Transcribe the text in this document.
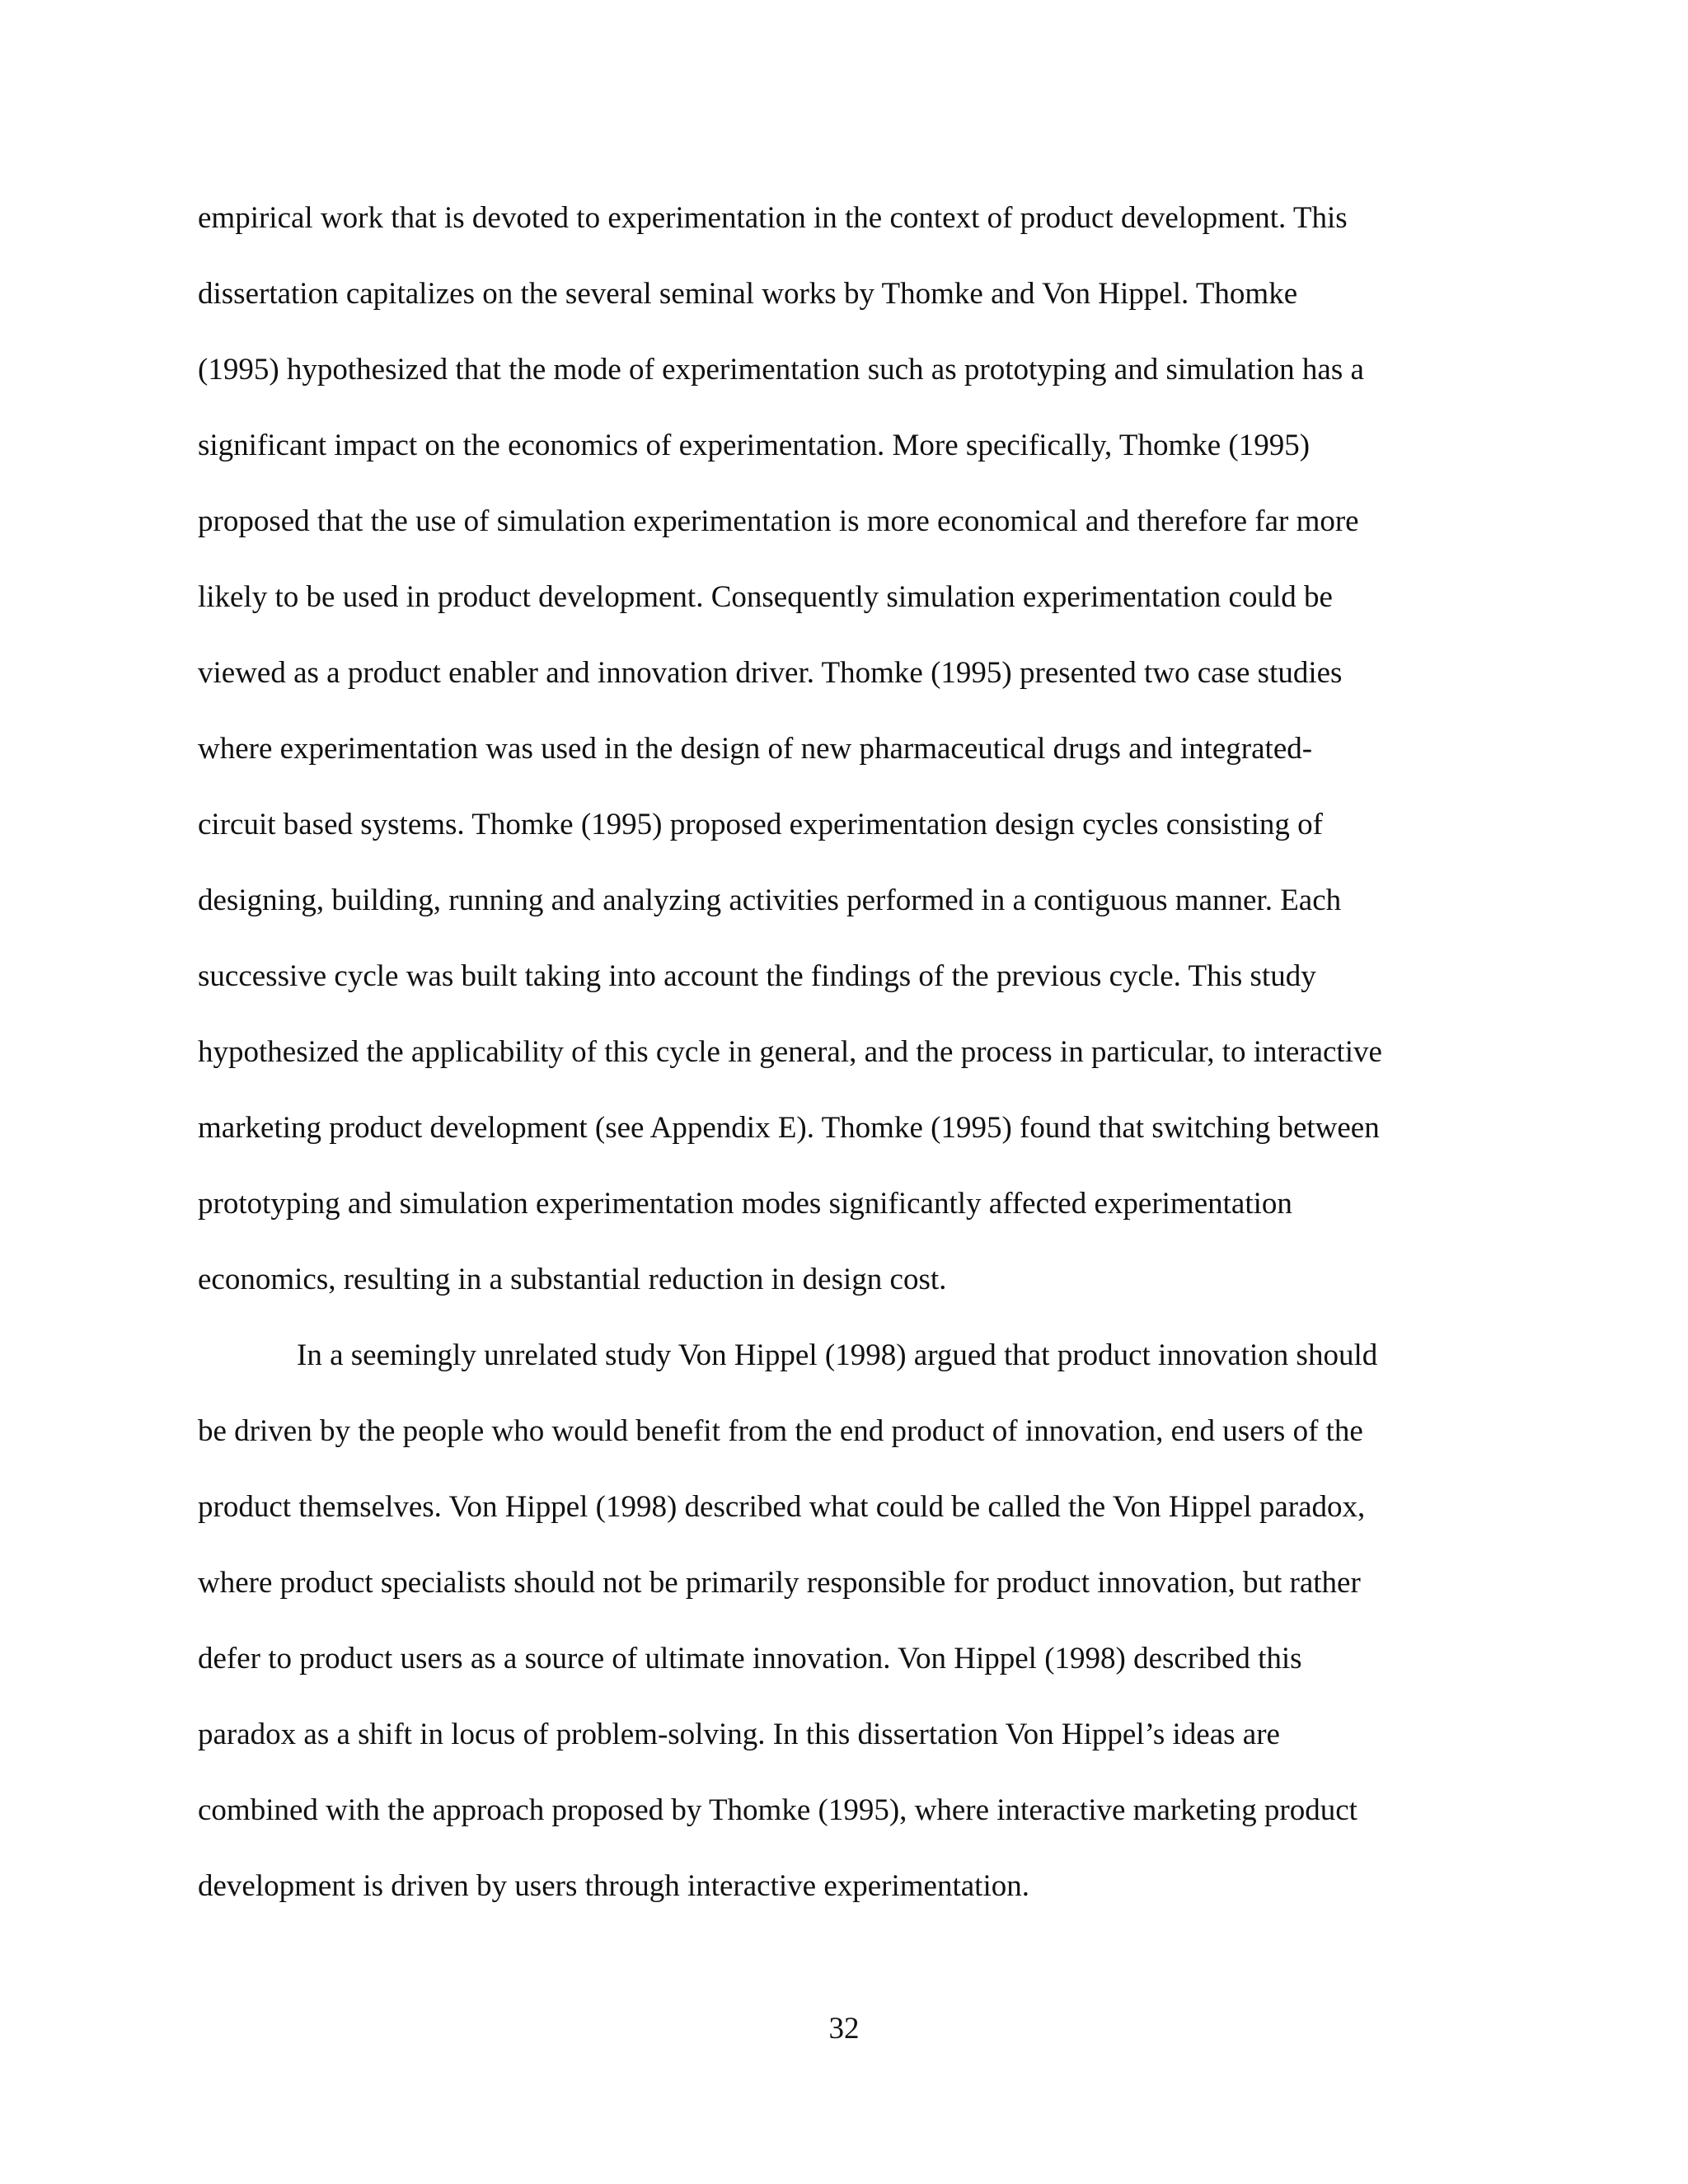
empirical work that is devoted to experimentation in the context of product development. This
dissertation capitalizes on the several seminal works by Thomke and Von Hippel. Thomke
(1995) hypothesized that the mode of experimentation such as prototyping and simulation has a
significant impact on the economics of experimentation. More specifically, Thomke (1995)
proposed that the use of simulation experimentation is more economical and therefore far more
likely to be used in product development. Consequently simulation experimentation could be
viewed as a product enabler and innovation driver. Thomke (1995) presented two case studies
where experimentation was used in the design of new pharmaceutical drugs and integrated-
circuit based systems. Thomke (1995) proposed experimentation design cycles consisting of
designing, building, running and analyzing activities performed in a contiguous manner. Each
successive cycle was built taking into account the findings of the previous cycle. This study
hypothesized the applicability of this cycle in general, and the process in particular, to interactive
marketing product development (see Appendix E). Thomke (1995) found that switching between
prototyping and simulation experimentation modes significantly affected experimentation
economics, resulting in a substantial reduction in design cost.
In a seemingly unrelated study Von Hippel (1998) argued that product innovation should
be driven by the people who would benefit from the end product of innovation, end users of the
product themselves. Von Hippel (1998) described what could be called the Von Hippel paradox,
where product specialists should not be primarily responsible for product innovation, but rather
defer to product users as a source of ultimate innovation. Von Hippel (1998) described this
paradox as a shift in locus of problem-solving. In this dissertation Von Hippel’s ideas are
combined with the approach proposed by Thomke (1995), where interactive marketing product
development is driven by users through interactive experimentation.
32
